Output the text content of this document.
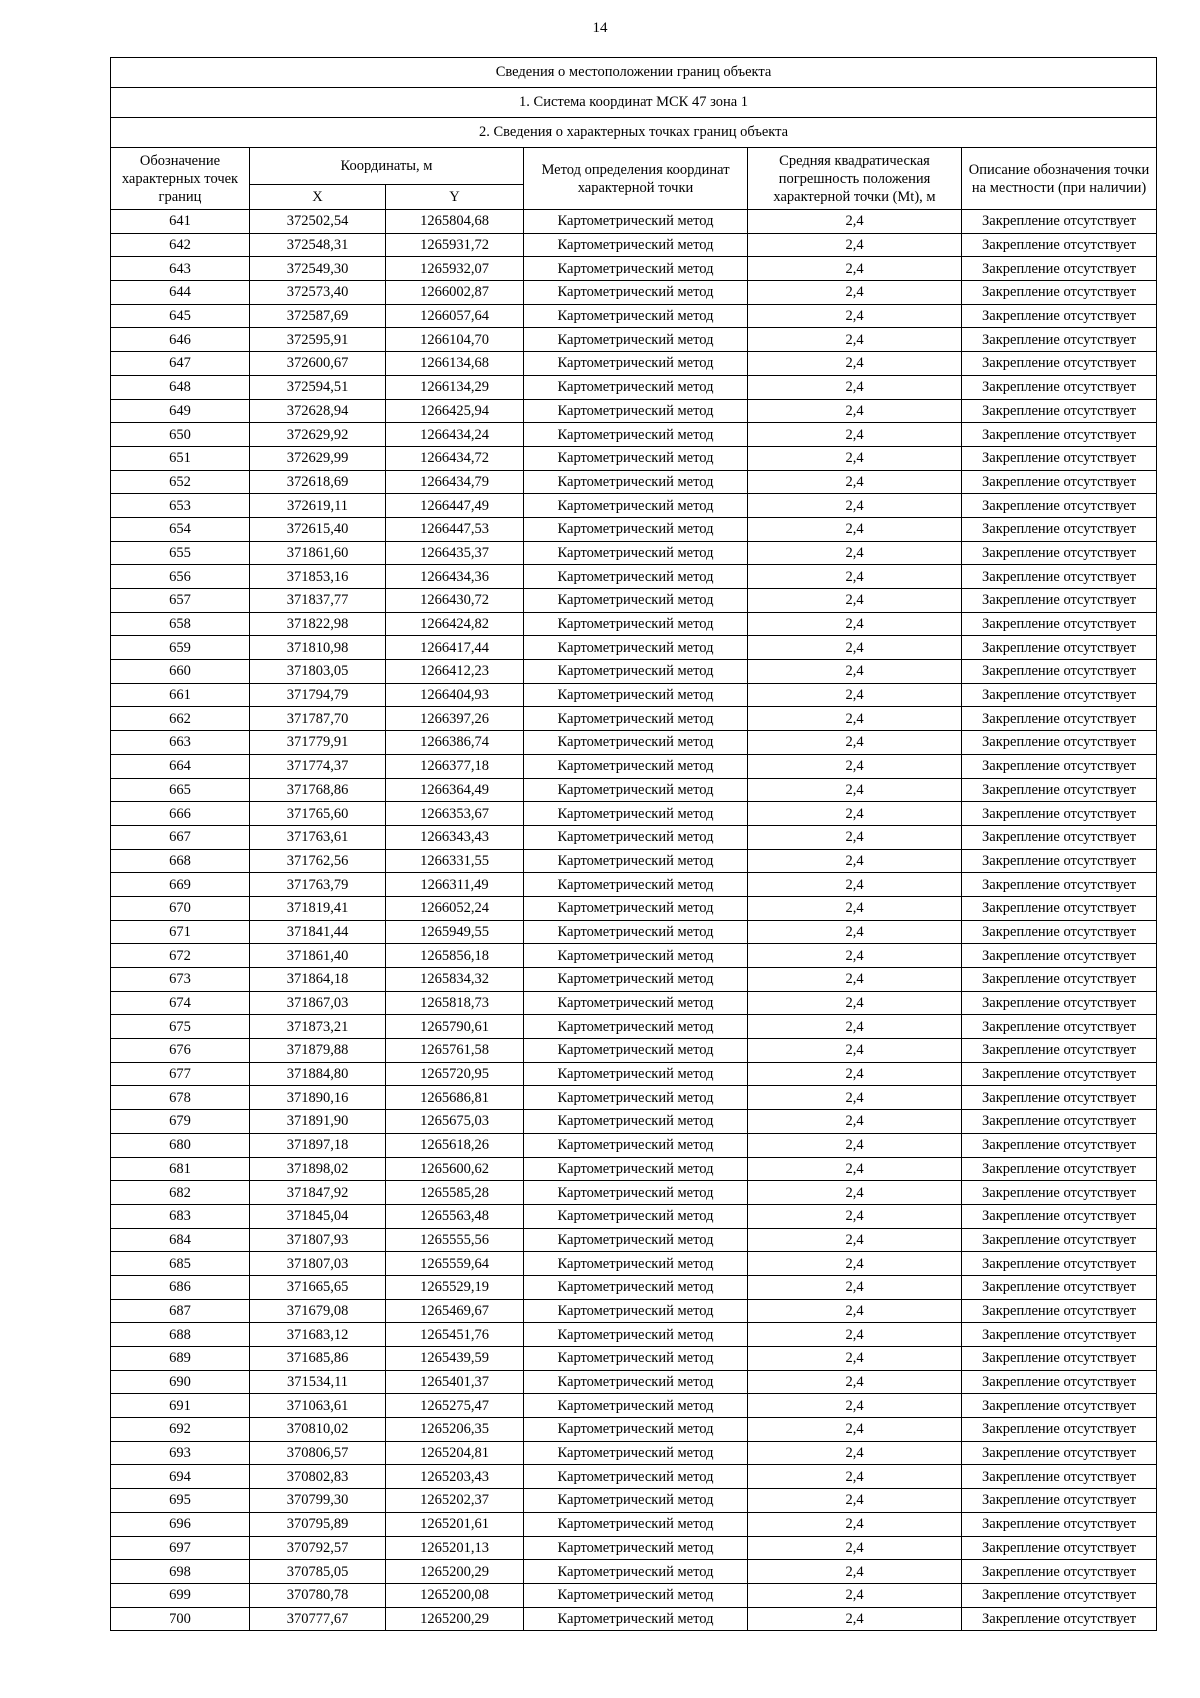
14
Сведения о местоположении границ объекта					
1. Система координат МСК 47 зона 1					
2. Сведения о характерных точках границ объекта					
Обозначение характерных точек границ	Координаты, м		Метод определения координат характерной точки	Средняя квадратическая погрешность положения характерной точки (Mt), м	Описание обозначения точки на местности (при наличии)
	X	Y			
641	372502,54	1265804,68	Картометрический метод	2,4	Закрепление отсутствует
642	372548,31	1265931,72	Картометрический метод	2,4	Закрепление отсутствует
643	372549,30	1265932,07	Картометрический метод	2,4	Закрепление отсутствует
644	372573,40	1266002,87	Картометрический метод	2,4	Закрепление отсутствует
645	372587,69	1266057,64	Картометрический метод	2,4	Закрепление отсутствует
646	372595,91	1266104,70	Картометрический метод	2,4	Закрепление отсутствует
647	372600,67	1266134,68	Картометрический метод	2,4	Закрепление отсутствует
648	372594,51	1266134,29	Картометрический метод	2,4	Закрепление отсутствует
649	372628,94	1266425,94	Картометрический метод	2,4	Закрепление отсутствует
650	372629,92	1266434,24	Картометрический метод	2,4	Закрепление отсутствует
651	372629,99	1266434,72	Картометрический метод	2,4	Закрепление отсутствует
652	372618,69	1266434,79	Картометрический метод	2,4	Закрепление отсутствует
653	372619,11	1266447,49	Картометрический метод	2,4	Закрепление отсутствует
654	372615,40	1266447,53	Картометрический метод	2,4	Закрепление отсутствует
655	371861,60	1266435,37	Картометрический метод	2,4	Закрепление отсутствует
656	371853,16	1266434,36	Картометрический метод	2,4	Закрепление отсутствует
657	371837,77	1266430,72	Картометрический метод	2,4	Закрепление отсутствует
658	371822,98	1266424,82	Картометрический метод	2,4	Закрепление отсутствует
659	371810,98	1266417,44	Картометрический метод	2,4	Закрепление отсутствует
660	371803,05	1266412,23	Картометрический метод	2,4	Закрепление отсутствует
661	371794,79	1266404,93	Картометрический метод	2,4	Закрепление отсутствует
662	371787,70	1266397,26	Картометрический метод	2,4	Закрепление отсутствует
663	371779,91	1266386,74	Картометрический метод	2,4	Закрепление отсутствует
664	371774,37	1266377,18	Картометрический метод	2,4	Закрепление отсутствует
665	371768,86	1266364,49	Картометрический метод	2,4	Закрепление отсутствует
666	371765,60	1266353,67	Картометрический метод	2,4	Закрепление отсутствует
667	371763,61	1266343,43	Картометрический метод	2,4	Закрепление отсутствует
668	371762,56	1266331,55	Картометрический метод	2,4	Закрепление отсутствует
669	371763,79	1266311,49	Картометрический метод	2,4	Закрепление отсутствует
670	371819,41	1266052,24	Картометрический метод	2,4	Закрепление отсутствует
671	371841,44	1265949,55	Картометрический метод	2,4	Закрепление отсутствует
672	371861,40	1265856,18	Картометрический метод	2,4	Закрепление отсутствует
673	371864,18	1265834,32	Картометрический метод	2,4	Закрепление отсутствует
674	371867,03	1265818,73	Картометрический метод	2,4	Закрепление отсутствует
675	371873,21	1265790,61	Картометрический метод	2,4	Закрепление отсутствует
676	371879,88	1265761,58	Картометрический метод	2,4	Закрепление отсутствует
677	371884,80	1265720,95	Картометрический метод	2,4	Закрепление отсутствует
678	371890,16	1265686,81	Картометрический метод	2,4	Закрепление отсутствует
679	371891,90	1265675,03	Картометрический метод	2,4	Закрепление отсутствует
680	371897,18	1265618,26	Картометрический метод	2,4	Закрепление отсутствует
681	371898,02	1265600,62	Картометрический метод	2,4	Закрепление отсутствует
682	371847,92	1265585,28	Картометрический метод	2,4	Закрепление отсутствует
683	371845,04	1265563,48	Картометрический метод	2,4	Закрепление отсутствует
684	371807,93	1265555,56	Картометрический метод	2,4	Закрепление отсутствует
685	371807,03	1265559,64	Картометрический метод	2,4	Закрепление отсутствует
686	371665,65	1265529,19	Картометрический метод	2,4	Закрепление отсутствует
687	371679,08	1265469,67	Картометрический метод	2,4	Закрепление отсутствует
688	371683,12	1265451,76	Картометрический метод	2,4	Закрепление отсутствует
689	371685,86	1265439,59	Картометрический метод	2,4	Закрепление отсутствует
690	371534,11	1265401,37	Картометрический метод	2,4	Закрепление отсутствует
691	371063,61	1265275,47	Картометрический метод	2,4	Закрепление отсутствует
692	370810,02	1265206,35	Картометрический метод	2,4	Закрепление отсутствует
693	370806,57	1265204,81	Картометрический метод	2,4	Закрепление отсутствует
694	370802,83	1265203,43	Картометрический метод	2,4	Закрепление отсутствует
695	370799,30	1265202,37	Картометрический метод	2,4	Закрепление отсутствует
696	370795,89	1265201,61	Картометрический метод	2,4	Закрепление отсутствует
697	370792,57	1265201,13	Картометрический метод	2,4	Закрепление отсутствует
698	370785,05	1265200,29	Картометрический метод	2,4	Закрепление отсутствует
699	370780,78	1265200,08	Картометрический метод	2,4	Закрепление отсутствует
700	370777,67	1265200,29	Картометрический метод	2,4	Закрепление отсутствует
